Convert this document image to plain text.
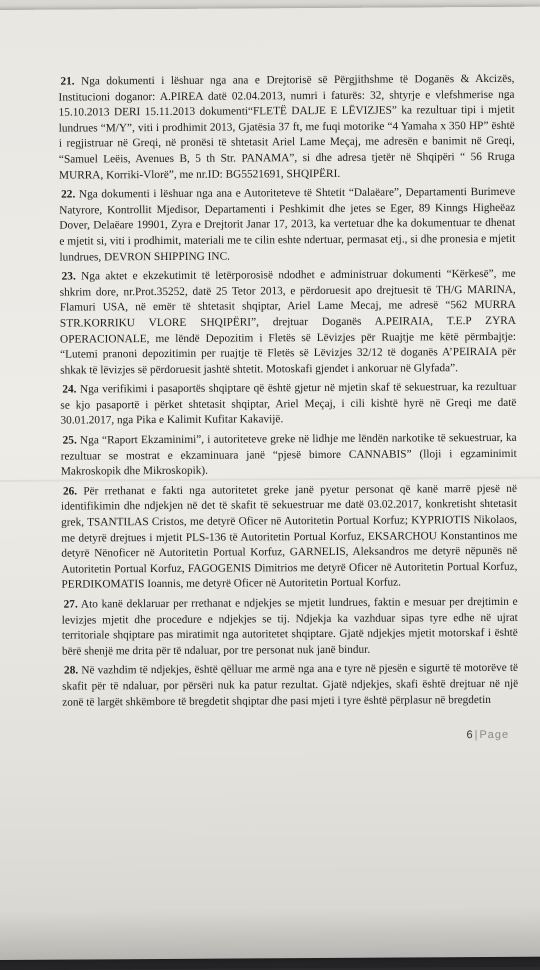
21. Nga dokumenti i lëshuar nga ana e Drejtorisë së Përgjithshme të Doganës & Akcizës, Institucioni doganor: A.PIREA datë 02.04.2013, numri i faturës: 32, shtyrje e vlefshmerise nga 15.10.2013 DERI 15.11.2013 dokumenti“FLETË DALJE E LËVIZJES” ka rezultuar tipi i mjetit lundrues “M/Y”, viti i prodhimit 2013, Gjatësia 37 ft, me fuqi motorike “4 Yamaha x 350 HP” është i regjistruar në Greqi, në pronësi të shtetasit Ariel Lame Meçaj, me adresën e banimit në Greqi, “Samuel Leëis, Avenues B, 5 th Str. PANAMA”, si dhe adresa tjetër në Shqipëri “ 56 Rruga MURRA, Korriki-Vlorë”, me nr.ID: BG5521691, SHQIPËRI.

22. Nga dokumenti i lëshuar nga ana e Autoriteteve të Shtetit “Dalaëare”, Departamenti Burimeve Natyrore, Kontrollit Mjedisor, Departamenti i Peshkimit dhe jetes se Eger, 89 Kinngs Higheëaz Dover, Delaëare 19901, Zyra e Drejtorit Janar 17, 2013, ka vertetuar dhe ka dokumentuar te dhenat e mjetit si, viti i prodhimit, materiali me te cilin eshte ndertuar, permasat etj., si dhe pronesia e mjetit lundrues, DEVRON SHIPPING INC.

23. Nga aktet e ekzekutimit të letërporosisë ndodhet e administruar dokumenti “Kërkesë”, me shkrim dore, nr.Prot.35252, datë 25 Tetor 2013, e përdoruesit apo drejtuesit të TH/G MARINA, Flamuri USA, në emër të shtetasit shqiptar, Ariel Lame Mecaj, me adresë “562 MURRA STR.KORRIKU VLORE SHQIPËRI”, drejtuar Doganës A.PEIRAIA, T.E.P ZYRA OPERACIONALE, me lëndë Depozitim i Fletës së Lëvizjes për Ruajtje me këtë përmbajtje: “Lutemi pranoni depozitimin per ruajtje të Fletës së Lëvizjes 32/12 të doganës A’PEIRAIA për shkak të lëvizjes së përdoruesit jashtë shtetit. Motoskafi gjendet i ankoruar në Glyfada”.

24. Nga verifikimi i pasaportës shqiptare që është gjetur në mjetin skaf të sekuestruar, ka rezultuar se kjo pasaportë i përket shtetasit shqiptar, Ariel Meçaj, i cili kishtë hyrë në Greqi me datë 30.01.2017, nga Pika e Kalimit Kufitar Kakavijë.

25. Nga “Raport Ekzaminimi”, i autoriteteve greke në lidhje me lëndën narkotike të sekuestruar, ka rezultuar se mostrat e ekzaminuara janë “pjesë bimore CANNABIS” (lloji i egzaminimit Makroskopik dhe Mikroskopik).

26. Për rrethanat e fakti nga autoritetet greke janë pyetur personat që kanë marrë pjesë në identifikimin dhe ndjekjen në det të skafit të sekuestruar me datë 03.02.2017, konkretisht shtetasit grek, TSANTILAS Cristos, me detyrë Oficer në Autoritetin Portual Korfuz; KYPRIOTIS Nikolaos, me detyrë drejtues i mjetit PLS-136 të Autoritetin Portual Korfuz, EKSARCHOU Konstantinos me detyrë Nënoficer në Autoritetin Portual Korfuz, GARNELIS, Aleksandros me detyrë nëpunës në Autoritetin Portual Korfuz, FAGOGENIS Dimitrios me detyrë Oficer në Autoritetin Portual Korfuz, PERDIKOMATIS Ioannis, me detyrë Oficer në Autoritetin Portual Korfuz.

27. Ato kanë deklaruar per rrethanat e ndjekjes se mjetit lundrues, faktin e mesuar per drejtimin e levizjes mjetit dhe procedure e ndjekjes se tij. Ndjekja ka vazhduar sipas tyre edhe në ujrat territoriale shqiptare pas miratimit nga autoritetet shqiptare. Gjatë ndjekjes mjetit motorskaf i është bërë shenjë me drita për të ndaluar, por tre personat nuk janë bindur.

28. Në vazhdim të ndjekjes, është qëlluar me armë nga ana e tyre në pjesën e sigurtë të motorëve të skafit për të ndaluar, por përsëri nuk ka patur rezultat. Gjatë ndjekjes, skafi është drejtuar në një zonë të largët shkëmbore të bregdetit shqiptar dhe pasi mjeti i tyre është përplasur në bregdetin

6 | Page
